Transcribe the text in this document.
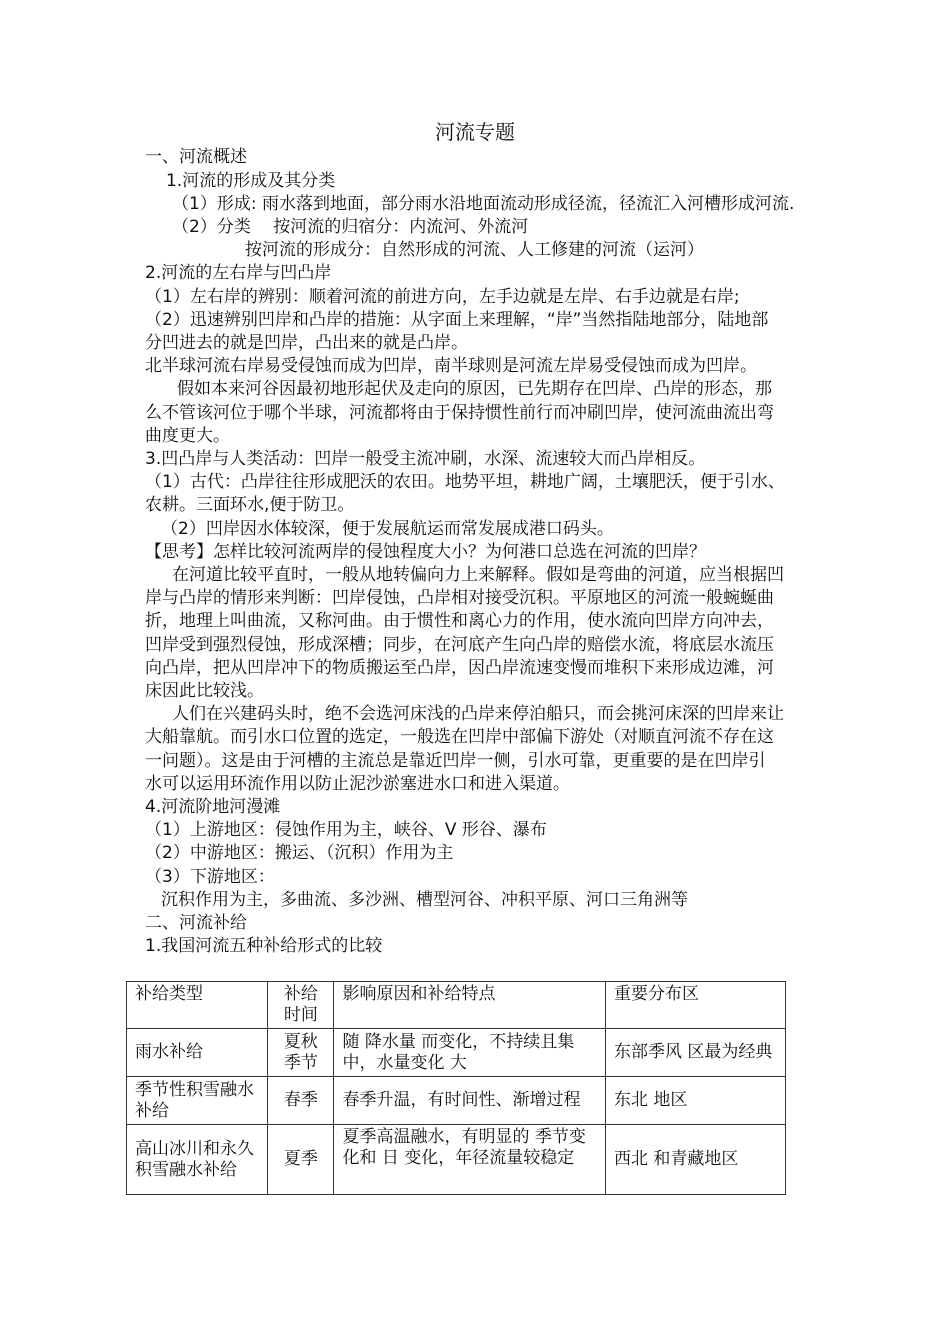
河流专题
一、河流概述
1.河流的形成及其分类
（1）形成: 雨水落到地面，部分雨水沿地面流动形成径流，径流汇入河槽形成河流.
（2）分类　 按河流的归宿分：内流河、外流河
按河流的形成分：自然形成的河流、人工修建的河流（运河）
2.河流的左右岸与凹凸岸
（1）左右岸的辨别：顺着河流的前进方向，左手边就是左岸、右手边就是右岸;
（2）迅速辨别凹岸和凸岸的措施：从字面上来理解，“岸”当然指陆地部分，陆地部
分凹进去的就是凹岸，凸出来的就是凸岸。
北半球河流右岸易受侵蚀而成为凹岸，南半球则是河流左岸易受侵蚀而成为凹岸。
假如本来河谷因最初地形起伏及走向的原因，已先期存在凹岸、凸岸的形态，那
么不管该河位于哪个半球，河流都将由于保持惯性前行而冲刷凹岸，使河流曲流出弯
曲度更大。
3.凹凸岸与人类活动：凹岸一般受主流冲刷，水深、流速较大而凸岸相反。
（1）古代：凸岸往往形成肥沃的农田。地势平坦，耕地广阔，土壤肥沃，便于引水、
农耕。三面环水,便于防卫。
（2）凹岸因水体较深，便于发展航运而常发展成港口码头。
【思考】怎样比较河流两岸的侵蚀程度大小？为何港口总选在河流的凹岸？
在河道比较平直时，一般从地转偏向力上来解释。假如是弯曲的河道，应当根据凹
岸与凸岸的情形来判断：凹岸侵蚀，凸岸相对接受沉积。平原地区的河流一般蜿蜒曲
折，地理上叫曲流，又称河曲。由于惯性和离心力的作用，使水流向凹岸方向冲去，
凹岸受到强烈侵蚀，形成深槽；同步，在河底产生向凸岸的赔偿水流，将底层水流压
向凸岸，把从凹岸冲下的物质搬运至凸岸，因凸岸流速变慢而堆积下来形成边滩，河
床因此比较浅。
人们在兴建码头时，绝不会选河床浅的凸岸来停泊船只，而会挑河床深的凹岸来让
大船靠航。而引水口位置的选定，一般选在凹岸中部偏下游处（对顺直河流不存在这
一问题）。这是由于河槽的主流总是靠近凹岸一侧，引水可靠，更重要的是在凹岸引
水可以运用环流作用以防止泥沙淤塞进水口和进入渠道。
4.河流阶地河漫滩
（1）上游地区：侵蚀作用为主，峡谷、V 形谷、瀑布
（2）中游地区：搬运、（沉积）作用为主
（3）下游地区：
沉积作用为主，多曲流、多沙洲、槽型河谷、冲积平原、河口三角洲等
二、河流补给
1.我国河流五种补给形式的比较
补给类型	补给时间	影响原因和补给特点	重要分布区
雨水补给	夏秋季节	随 降水量 而变化，不持续且集中，水量变化 大	东部季风 区最为经典
季节性积雪融水补给	春季	春季升温，有时间性、渐增过程	东北 地区
高山冰川和永久积雪融水补给	夏季	夏季高温融水，有明显的 季节变化和 日 变化，年径流量较稳定	西北 和青藏地区
